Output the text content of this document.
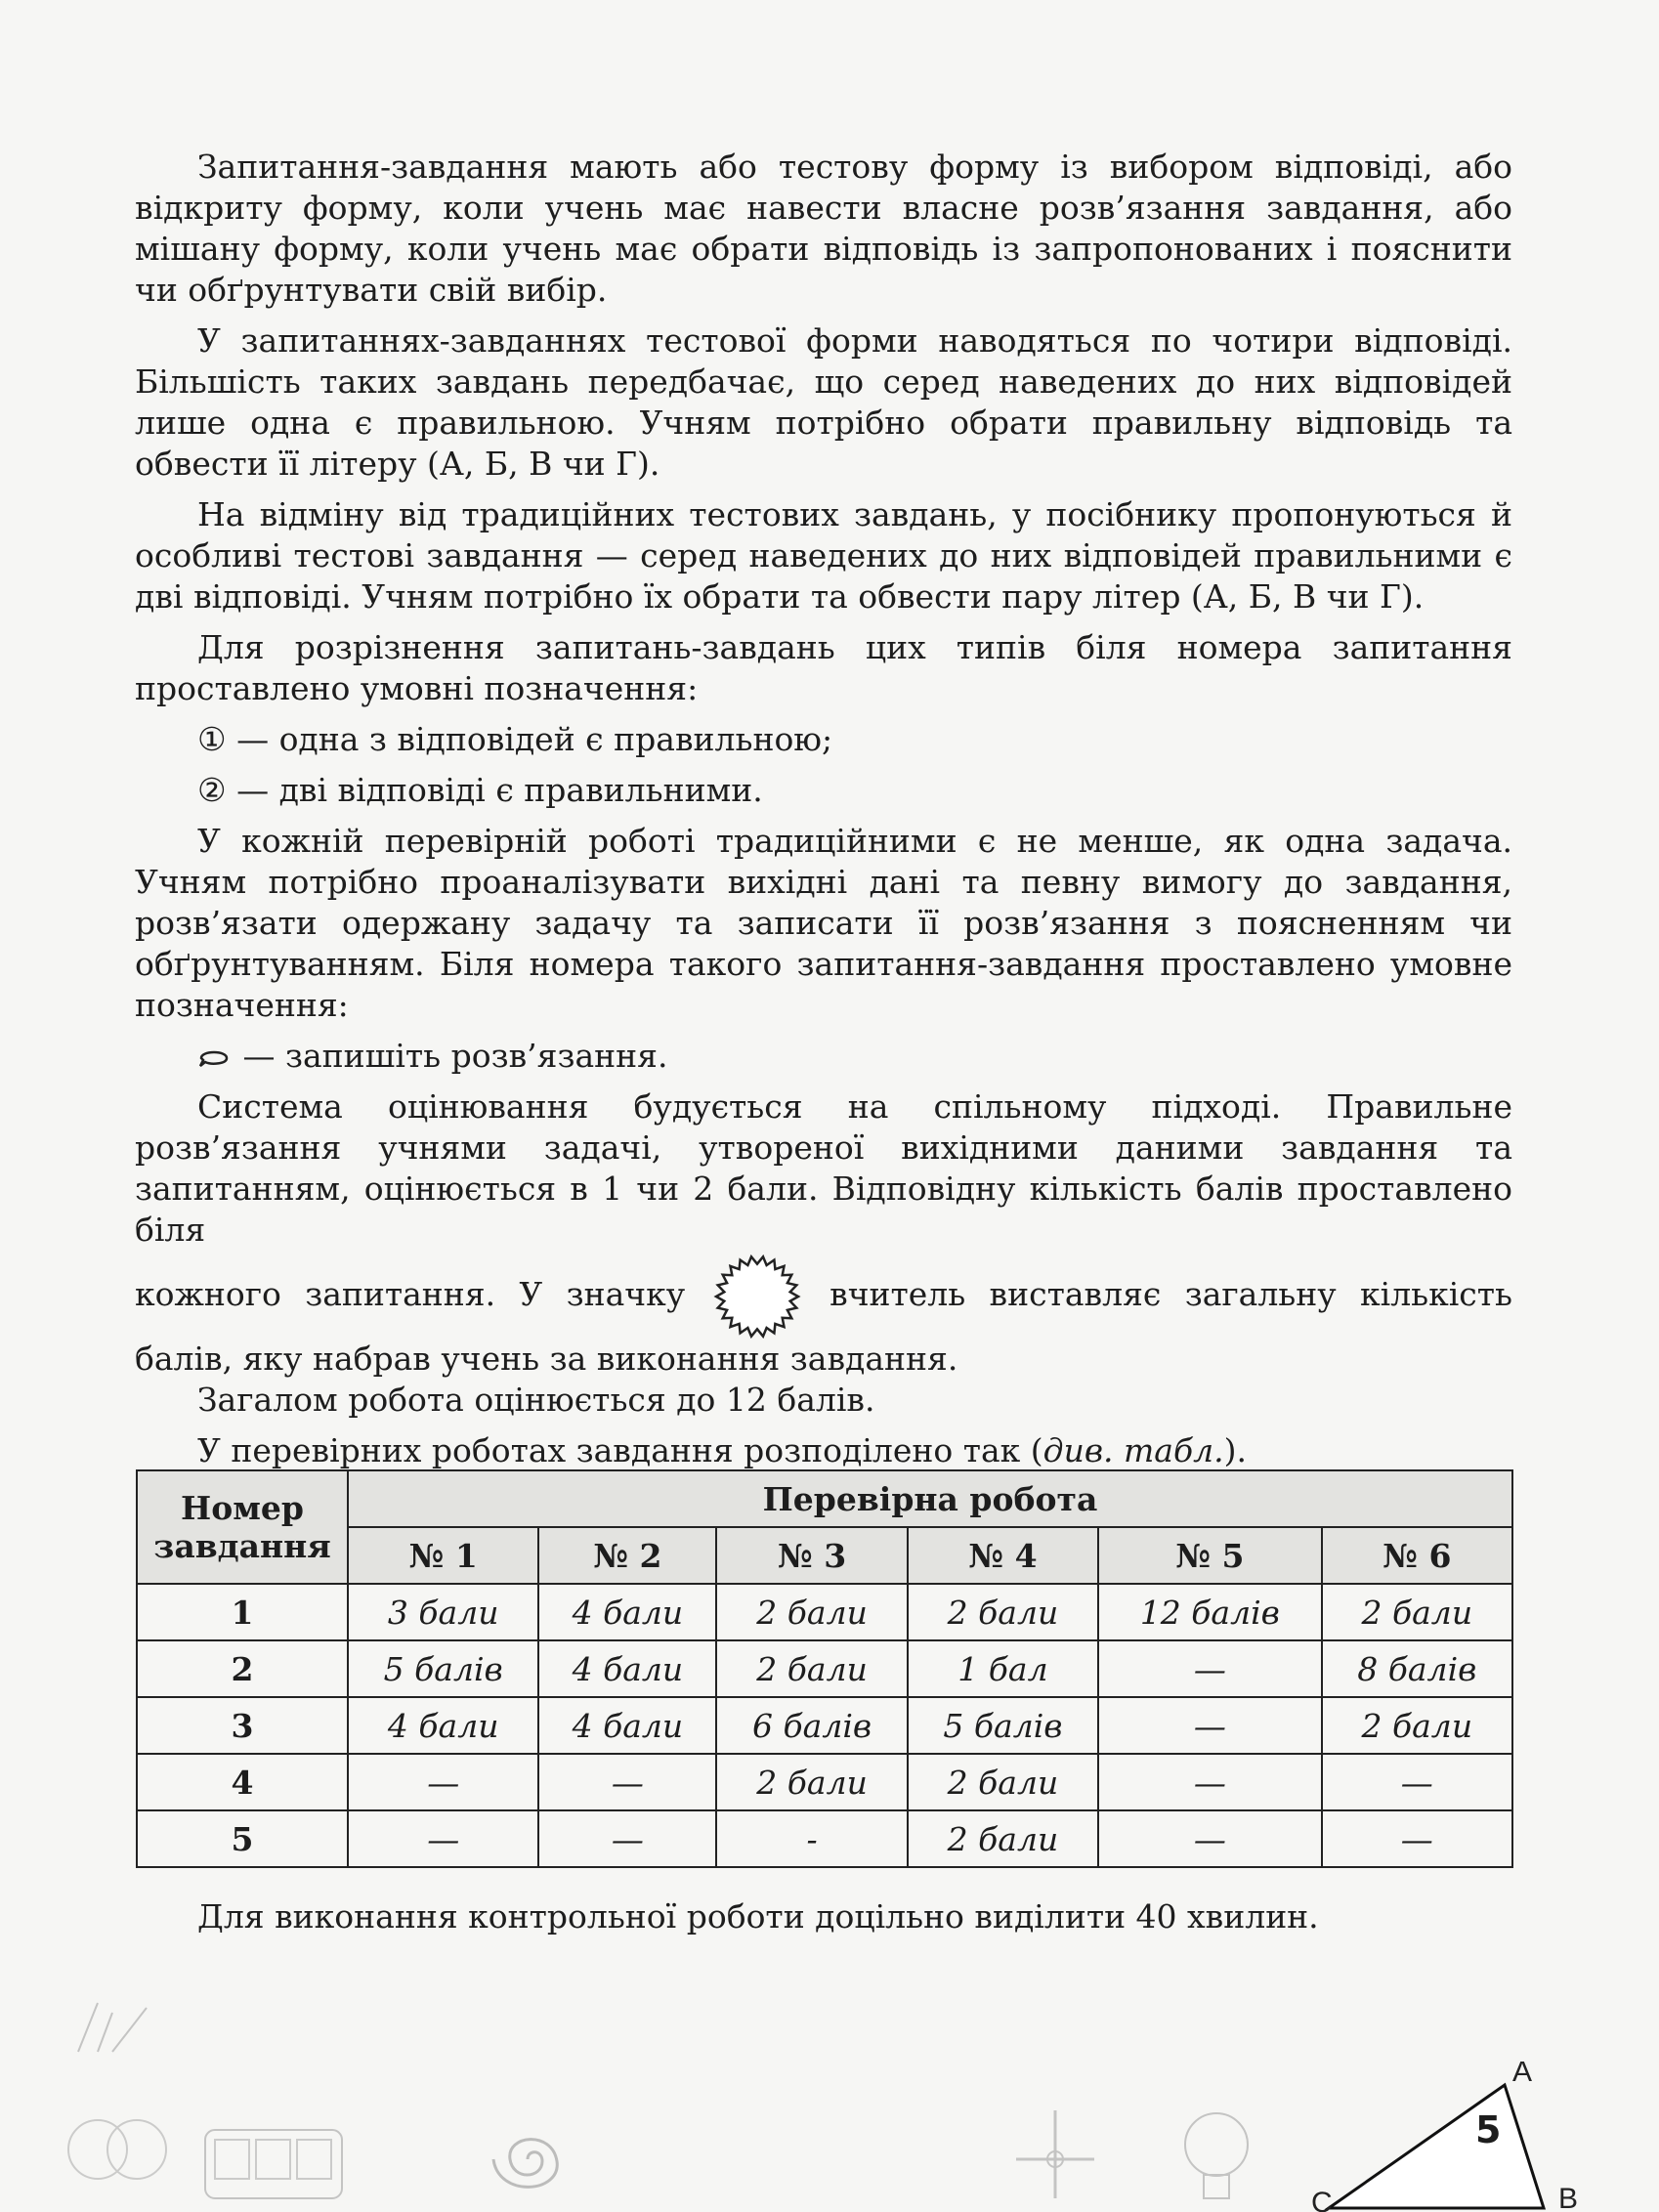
Запитання-завдання мають або тестову форму із вибором відповіді, або відкриту форму, коли учень має навести власне розв’язання завдання, або мішану форму, коли учень має обрати відповідь із запропонованих і пояснити чи обґрунтувати свій вибір.

У запитаннях-завданнях тестової форми наводяться по чотири відповіді. Більшість таких завдань передбачає, що серед наведених до них відповідей лише одна є правильною. Учням потрібно обрати правильну відповідь та обвести її літеру (А, Б, В чи Г).

На відміну від традиційних тестових завдань, у посібнику пропонуються й особливі тестові завдання — серед наведених до них відповідей правильними є дві відповіді. Учням потрібно їх обрати та обвести пару літер (А, Б, В чи Г).

Для розрізнення запитань-завдань цих типів біля номера запитання проставлено умовні позначення:

① — одна з відповідей є правильною;

② — дві відповіді є правильними.

У кожній перевірній роботі традиційними є не менше, як одна задача. Учням потрібно проаналізувати вихідні дані та певну вимогу до завдання, розв’язати одержану задачу та записати її розв’язання з поясненням чи обґрунтуванням. Біля номера такого запитання-завдання проставлено умовне позначення:

— запишіть розв’язання.

Система оцінювання будується на спільному підході. Правильне розв’язання учнями задачі, утвореної вихідними даними завдання та запитанням, оцінюється в 1 чи 2 бали. Відповідну кількість балів проставлено біля

кожного запитання. У значку	вчитель виставляє загальну кількість

балів, яку набрав учень за виконання завдання.

Загалом робота оцінюється до 12 балів.

У перевірних роботах завдання розподілено так (див. табл.).

Номер завдання	Перевірна робота					
	№ 1	№ 2	№ 3	№ 4	№ 5	№ 6
1	3 бали	4 бали	2 бали	2 бали	12 балів	2 бали
2	5 балів	4 бали	2 бали	1 бал	—	8 балів
3	4 бали	4 бали	6 балів	5 балів	—	2 бали
4	—	—	2 бали	2 бали	—	—
5	—	—	-	2 бали	—	—
Для виконання контрольної роботи доцільно виділити 40 хвилин.
A
B
C
5
